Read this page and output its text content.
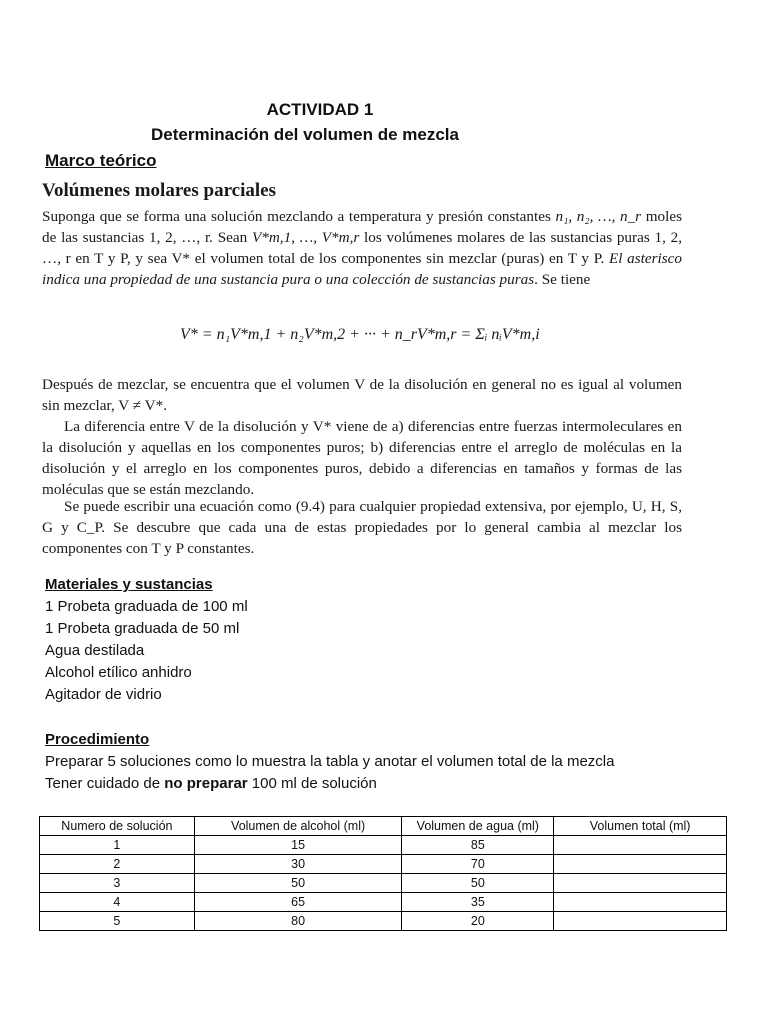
ACTIVIDAD 1
Determinación del volumen de mezcla
Marco teórico
Volúmenes molares parciales

Suponga que se forma una solución mezclando a temperatura y presión constantes n₁, n₂, …, n_r moles de las sustancias 1, 2, …, r. Sean V*m,1, …, V*m,r los volúmenes molares de las sustancias puras 1, 2, …, r en T y P, y sea V* el volumen total de los componentes sin mezclar (puras) en T y P. El asterisco indica una propiedad de una sustancia pura o una colección de sustancias puras. Se tiene

V* = n₁V*m,1 + n₂V*m,2 + ··· + n_rV*m,r = Σᵢ nᵢV*m,i

Después de mezclar, se encuentra que el volumen V de la disolución en general no es igual al volumen sin mezclar, V ≠ V*.

La diferencia entre V de la disolución y V* viene de a) diferencias entre fuerzas intermoleculares en la disolución y aquellas en los componentes puros; b) diferencias entre el arreglo de moléculas en la disolución y el arreglo en los componentes puros, debido a diferencias en tamaños y formas de las moléculas que se están mezclando.

Se puede escribir una ecuación como (9.4) para cualquier propiedad extensiva, por ejemplo, U, H, S, G y C_P. Se descubre que cada una de estas propiedades por lo general cambia al mezclar los componentes con T y P constantes.

Materiales y sustancias
1 Probeta graduada de 100 ml
1 Probeta graduada de 50 ml
Agua destilada
Alcohol etílico anhidro
Agitador de vidrio
Procedimiento
Preparar 5 soluciones como lo muestra la tabla y anotar el volumen total de la mezcla
Tener cuidado de no preparar 100 ml de solución
Numero de solución	Volumen de alcohol (ml)	Volumen de agua (ml)	Volumen total (ml)
1	15	85	
2	30	70	
3	50	50	
4	65	35	
5	80	20	
